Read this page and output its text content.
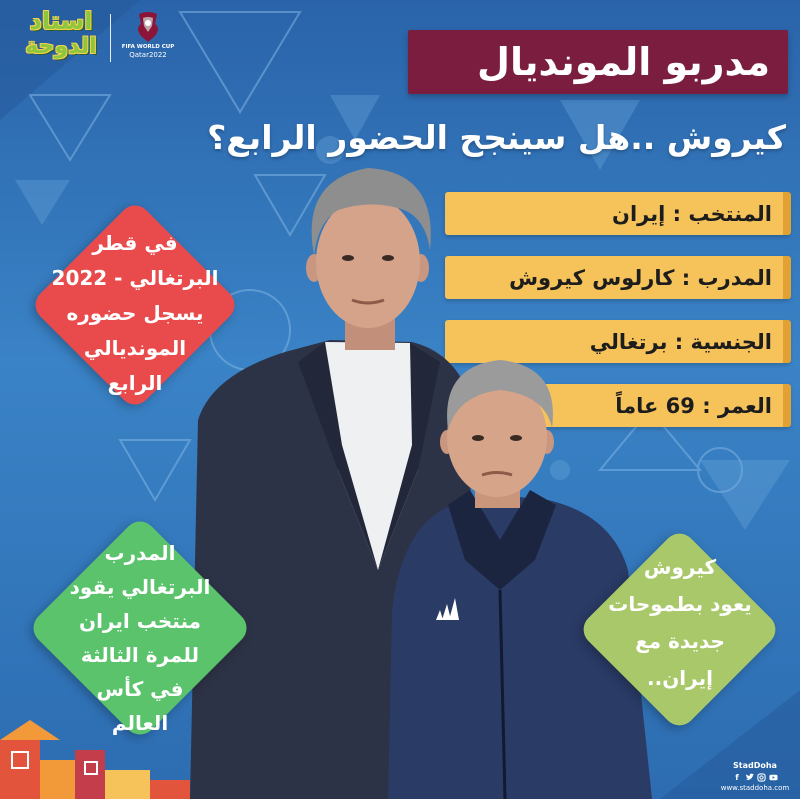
استاد
الدوحة	FIFA WORLD CUP
Qatar2022	مدربو المونديال
كيروش ..هل سينجح الحضور الرابع؟
المنتخب : إيران
المدرب : كارلوس كيروش
الجنسية : برتغالي
العمر : 69 عاماً
في قطر
2022 - البرتغالي
يسجل حضوره
المونديالي
الرابع
المدرب
البرتغالي يقود
منتخب ايران
للمرة الثالثة
في كأس
العالم
كيروش
يعود بطموحات
جديدة مع
إيران..
StadDoha
f
www.staddoha.com
